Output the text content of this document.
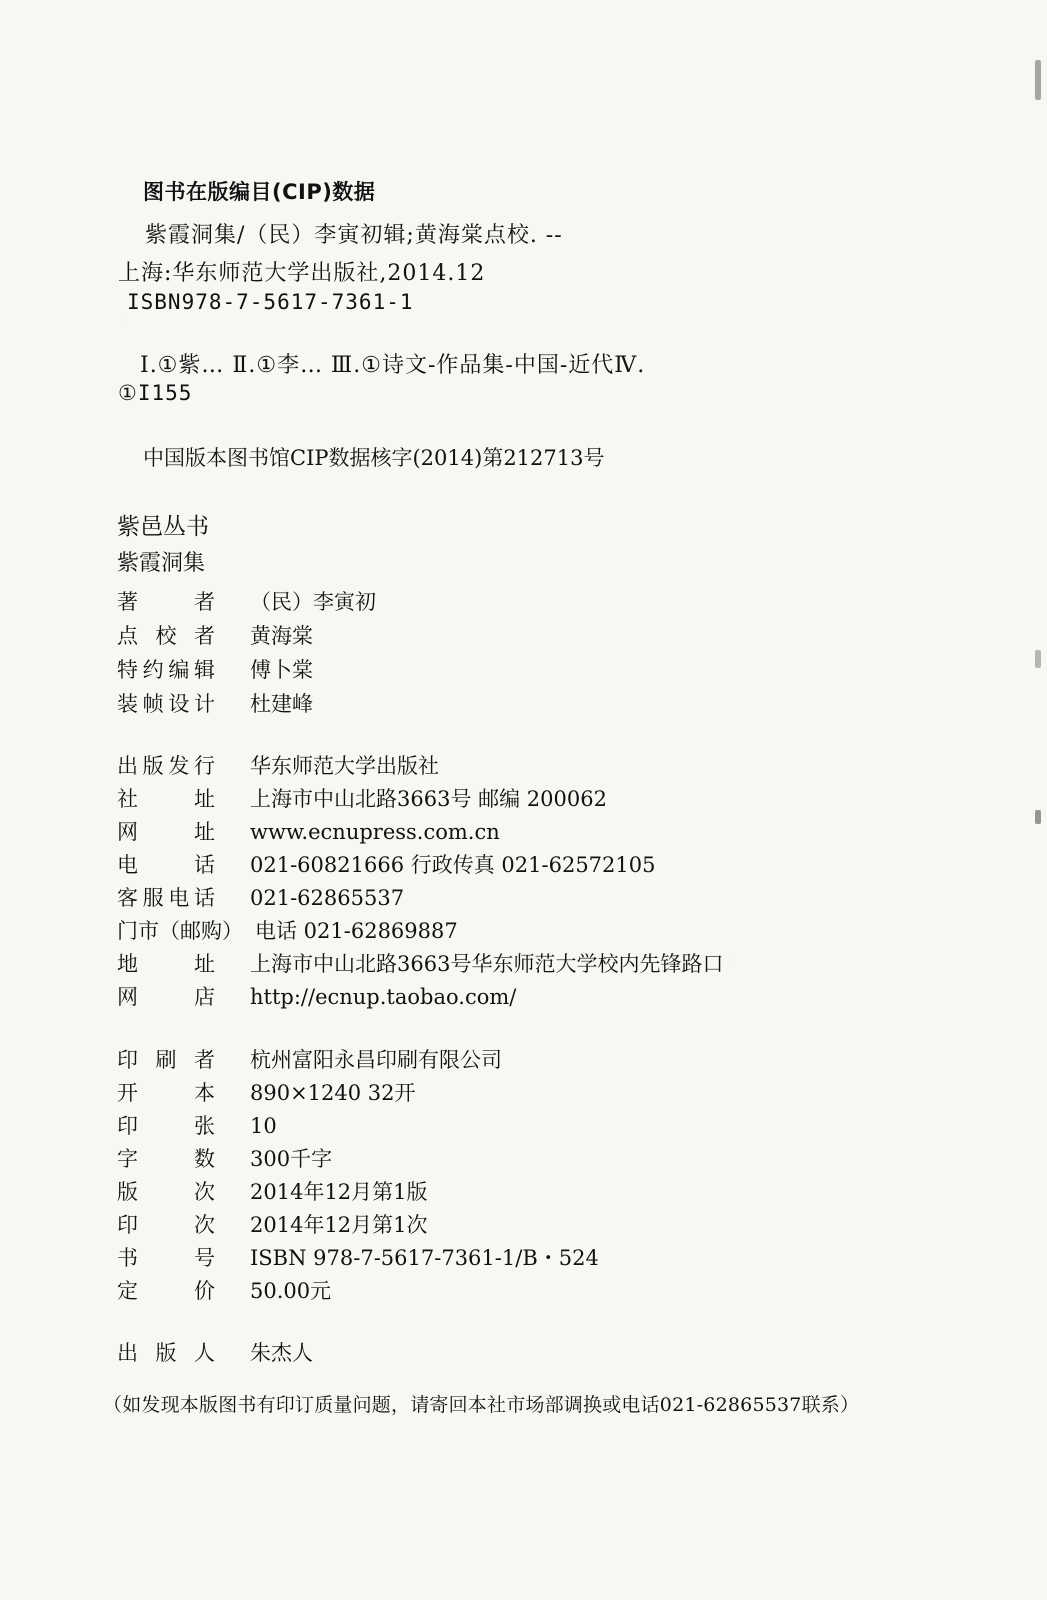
图书在版编目(CIP)数据
紫霞洞集/（民）李寅初辑;黄海棠点校. --
上海:华东师范大学出版社,2014.12
ISBN978-7-5617-7361-1
Ⅰ.①紫… Ⅱ.①李… Ⅲ.①诗文-作品集-中国-近代Ⅳ.
①I155
中国版本图书馆CIP数据核字(2014)第212713号
紫邑丛书
紫霞洞集
著	者 （民）李寅初
点 校 者 黄海棠
特 约 编 辑 傅卜棠
装 帧 设 计 杜建峰
出 版 发 行 华东师范大学出版社
社	址 上海市中山北路3663号 邮编 200062
网	址 www.ecnupress.com.cn
电	话 021-60821666 行政传真 021-62572105
客 服 电 话 021-62865537
门市（邮购） 电话 021-62869887
地	址 上海市中山北路3663号华东师范大学校内先锋路口
网	店 http://ecnup.taobao.com/
印 刷 者 杭州富阳永昌印刷有限公司
开	本 890×1240 32开
印	张 10
字	数 300千字
版	次 2014年12月第1版
印	次 2014年12月第1次
书	号 ISBN 978-7-5617-7361-1/B・524
定	价 50.00元
出 版 人 朱杰人
（如发现本版图书有印订质量问题，请寄回本社市场部调换或电话021-62865537联系）
